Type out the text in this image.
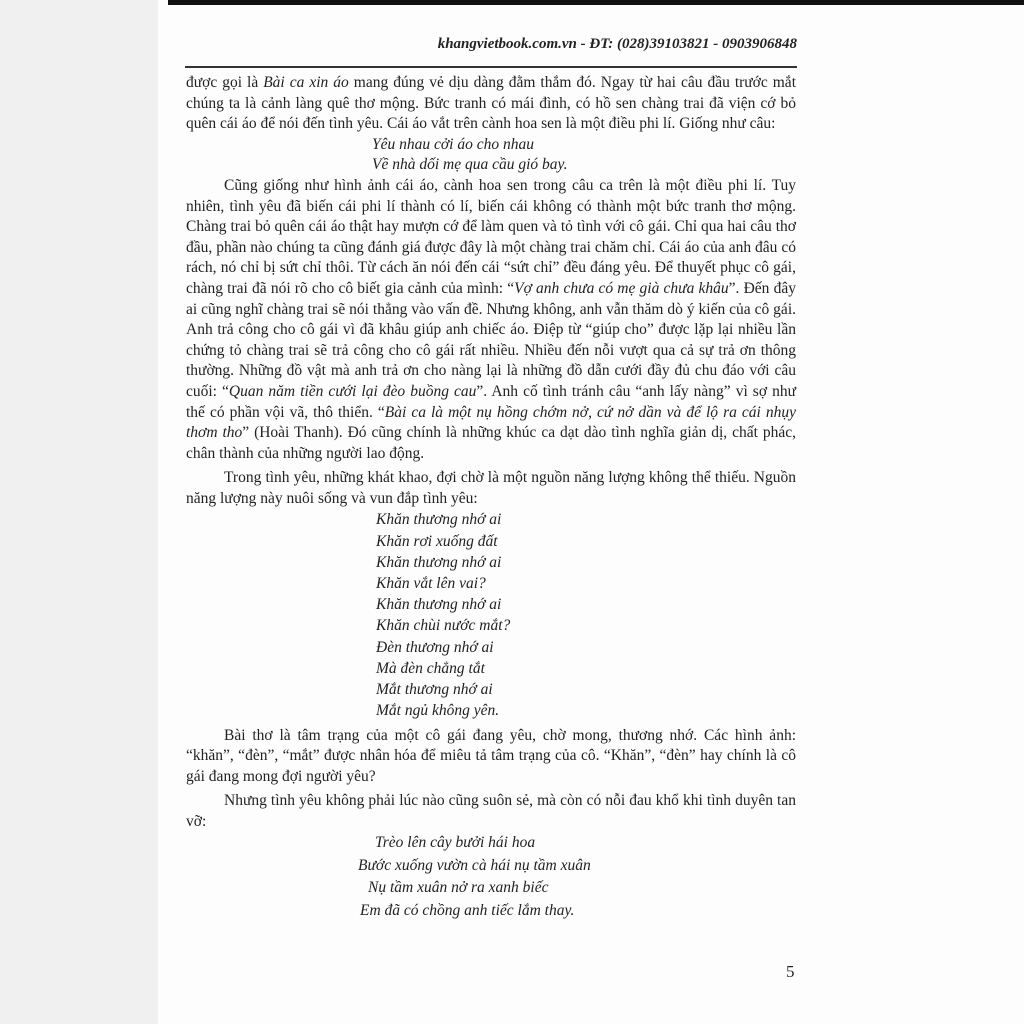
khangvietbook.com.vn - ĐT: (028)39103821 - 0903906848

được gọi là Bài ca xin áo mang đúng vẻ dịu dàng đằm thắm đó. Ngay từ hai câu đầu trước mắt chúng ta là cảnh làng quê thơ mộng. Bức tranh có mái đình, có hồ sen chàng trai đã viện cớ bỏ quên cái áo để nói đến tình yêu. Cái áo vắt trên cành hoa sen là một điều phi lí. Giống như câu:

Yêu nhau cởi áo cho nhau
Về nhà dối mẹ qua cầu gió bay.

Cũng giống như hình ảnh cái áo, cành hoa sen trong câu ca trên là một điều phi lí. Tuy nhiên, tình yêu đã biến cái phi lí thành có lí, biến cái không có thành một bức tranh thơ mộng. Chàng trai bỏ quên cái áo thật hay mượn cớ để làm quen và tỏ tình với cô gái. Chỉ qua hai câu thơ đầu, phần nào chúng ta cũng đánh giá được đây là một chàng trai chăm chỉ. Cái áo của anh đâu có rách, nó chỉ bị sứt chỉ thôi. Từ cách ăn nói đến cái “sứt chỉ” đều đáng yêu. Để thuyết phục cô gái, chàng trai đã nói rõ cho cô biết gia cảnh của mình: “Vợ anh chưa có mẹ già chưa khâu”. Đến đây ai cũng nghĩ chàng trai sẽ nói thẳng vào vấn đề. Nhưng không, anh vẫn thăm dò ý kiến của cô gái. Anh trả công cho cô gái vì đã khâu giúp anh chiếc áo. Điệp từ “giúp cho” được lặp lại nhiều lần chứng tỏ chàng trai sẽ trả công cho cô gái rất nhiều. Nhiều đến nỗi vượt qua cả sự trả ơn thông thường. Những đồ vật mà anh trả ơn cho nàng lại là những đồ dẫn cưới đầy đủ chu đáo với câu cuối: “Quan năm tiền cưới lại đèo buồng cau”. Anh cố tình tránh câu “anh lấy nàng” vì sợ như thế có phần vội vã, thô thiển. “Bài ca là một nụ hồng chớm nở, cứ nở dần và để lộ ra cái nhụy thơm tho” (Hoài Thanh). Đó cũng chính là những khúc ca dạt dào tình nghĩa giản dị, chất phác, chân thành của những người lao động.

Trong tình yêu, những khát khao, đợi chờ là một nguồn năng lượng không thể thiếu. Nguồn năng lượng này nuôi sống và vun đắp tình yêu:

Khăn thương nhớ ai
Khăn rơi xuống đất
Khăn thương nhớ ai
Khăn vắt lên vai?
Khăn thương nhớ ai
Khăn chùi nước mắt?
Đèn thương nhớ ai
Mà đèn chẳng tắt
Mắt thương nhớ ai
Mắt ngủ không yên.

Bài thơ là tâm trạng của một cô gái đang yêu, chờ mong, thương nhớ. Các hình ảnh: “khăn”, “đèn”, “mắt” được nhân hóa để miêu tả tâm trạng của cô. “Khăn”, “đèn” hay chính là cô gái đang mong đợi người yêu?

Nhưng tình yêu không phải lúc nào cũng suôn sẻ, mà còn có nỗi đau khổ khi tình duyên tan vỡ:

Trèo lên cây bưởi hái hoa
Bước xuống vườn cà hái nụ tầm xuân
Nụ tầm xuân nở ra xanh biếc
Em đã có chồng anh tiếc lắm thay.
5
